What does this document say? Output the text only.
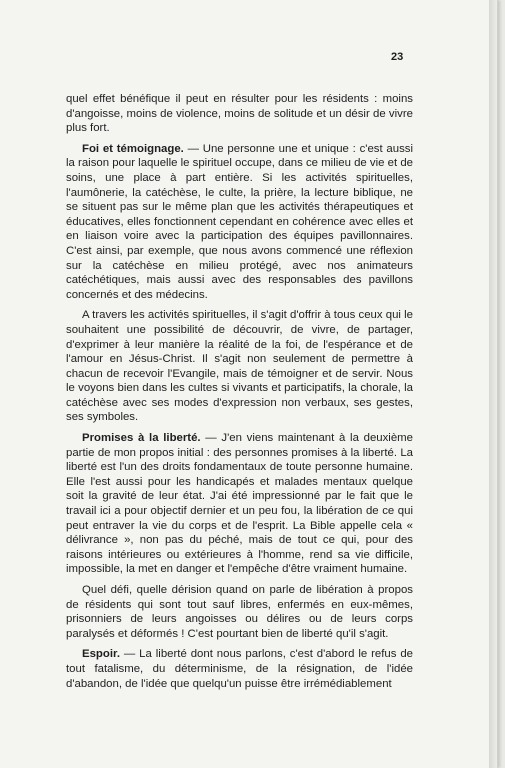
23

quel effet bénéfique il peut en résulter pour les résidents : moins d'angoisse, moins de violence, moins de solitude et un désir de vivre plus fort.

Foi et témoignage. — Une personne une et unique : c'est aussi la raison pour laquelle le spirituel occupe, dans ce milieu de vie et de soins, une place à part entière. Si les activités spirituelles, l'aumônerie, la catéchèse, le culte, la prière, la lecture biblique, ne se situent pas sur le même plan que les activités thérapeutiques et éducatives, elles fonctionnent cependant en cohérence avec elles et en liaison voire avec la participation des équipes pavillonnaires. C'est ainsi, par exemple, que nous avons commencé une réflexion sur la catéchèse en milieu protégé, avec nos animateurs catéchétiques, mais aussi avec des responsables des pavillons concernés et des médecins.

A travers les activités spirituelles, il s'agit d'offrir à tous ceux qui le souhaitent une possibilité de découvrir, de vivre, de partager, d'exprimer à leur manière la réalité de la foi, de l'espérance et de l'amour en Jésus-Christ. Il s'agit non seulement de permettre à chacun de recevoir l'Evangile, mais de témoigner et de servir. Nous le voyons bien dans les cultes si vivants et participatifs, la chorale, la catéchèse avec ses modes d'expression non verbaux, ses gestes, ses symboles.

Promises à la liberté. — J'en viens maintenant à la deuxième partie de mon propos initial : des personnes promises à la liberté. La liberté est l'un des droits fondamentaux de toute personne humaine. Elle l'est aussi pour les handicapés et malades mentaux quelque soit la gravité de leur état. J'ai été impressionné par le fait que le travail ici a pour objectif dernier et un peu fou, la libération de ce qui peut entraver la vie du corps et de l'esprit. La Bible appelle cela « délivrance », non pas du péché, mais de tout ce qui, pour des raisons intérieures ou extérieures à l'homme, rend sa vie difficile, impossible, la met en danger et l'empêche d'être vraiment humaine.

Quel défi, quelle dérision quand on parle de libération à propos de résidents qui sont tout sauf libres, enfermés en eux-mêmes, prisonniers de leurs angoisses ou délires ou de leurs corps paralysés et déformés ! C'est pourtant bien de liberté qu'il s'agit.

Espoir. — La liberté dont nous parlons, c'est d'abord le refus de tout fatalisme, du déterminisme, de la résignation, de l'idée d'abandon, de l'idée que quelqu'un puisse être irrémédiablement
